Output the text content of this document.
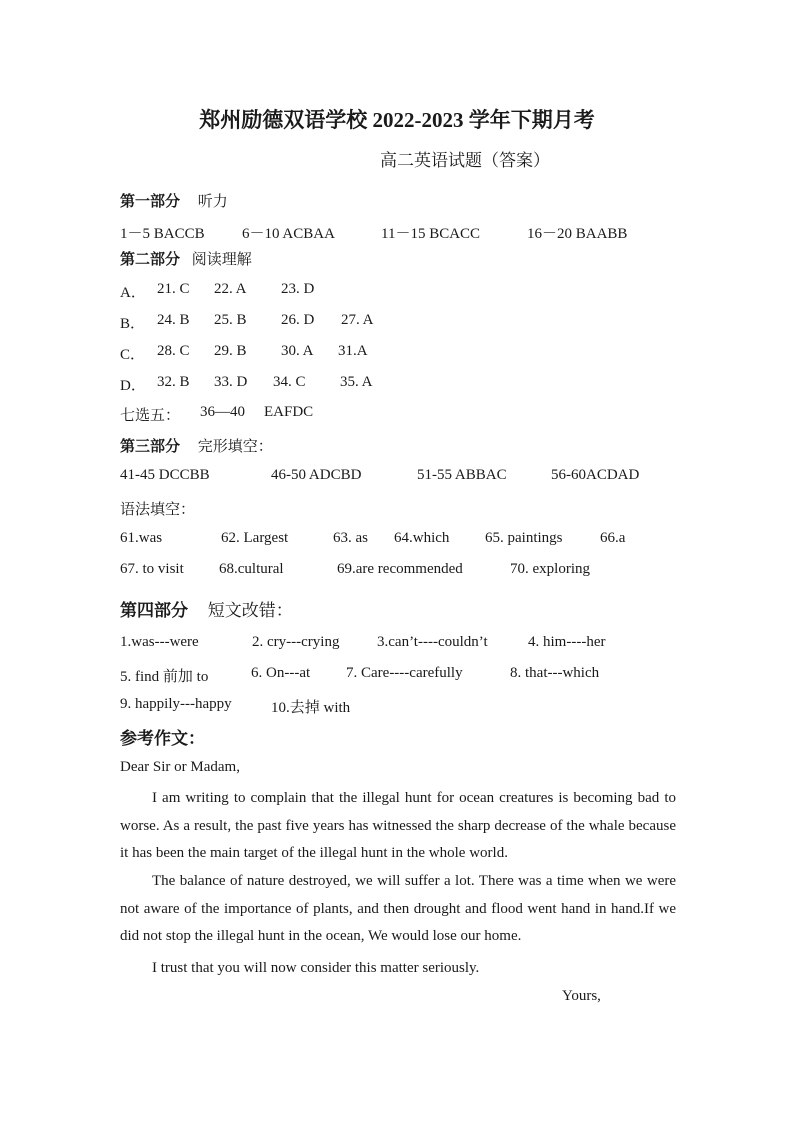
郑州励德双语学校 2022-2023 学年下期月考
高二英语试题（答案）
第一部分 听力
1－5 BACCB 6－10 ACBAA	11－15 BCACC	16－20 BAABB
第二部分 阅读理解
A． 21. C 22. A 23. D
B． 24. B 25. B 26. D 27. A
C． 28. C 29. B 30. A 31.A
D． 32. B 33. D 34. C 35. A
七选五： 36—40 EAFDC
第三部分 完形填空：
41-45 DCCBB	46-50 ADCBD	51-55 ABBAC	56-60ACDAD
语法填空：
61.was	62. Largest	63. as 64.which 65. paintings	66.a
67. to visit 68.cultural	69.are recommended	70. exploring
第四部分 短文改错：
1.was---were	2. cry---crying	3.can’t----couldn’t	4. him----her
5. find 前加 to	6. On---at 7. Care----carefully	8. that---which
9. happily---happy	10.去掉 with
参考作文：
Dear Sir or Madam,
I am writing to complain that the illegal hunt for ocean creatures is becoming bad to worse. As a result, the past five years has witnessed the sharp decrease of the whale because it has been the main target of the illegal hunt in the whole world.
The balance of nature destroyed, we will suffer a lot. There was a time when we were not aware of the importance of plants, and then drought and flood went hand in hand.If we did not stop the illegal hunt in the ocean, We would lose our home.
I trust that you will now consider this matter seriously.
Yours,
